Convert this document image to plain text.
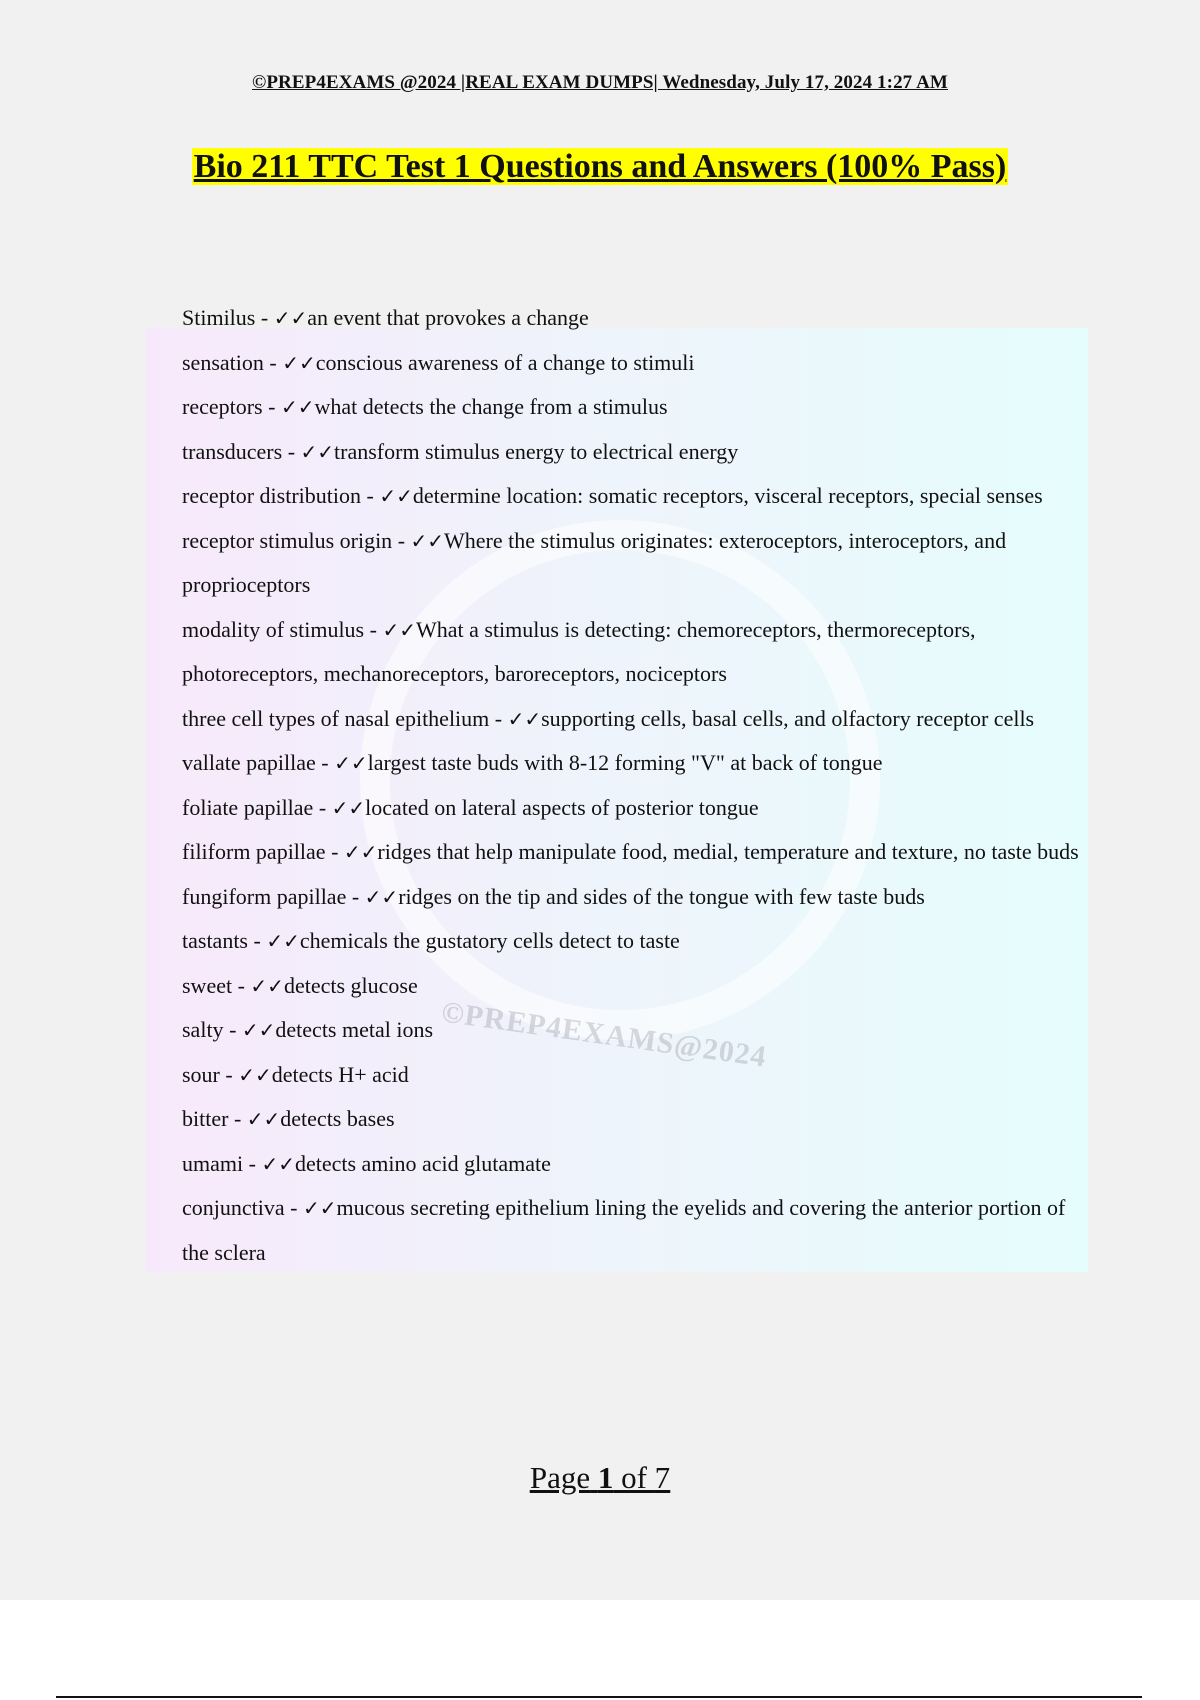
©PREP4EXAMS @2024 |REAL EXAM DUMPS| Wednesday, July 17, 2024 1:27 AM
Bio 211 TTC Test 1 Questions and Answers (100% Pass)
©PREP4EXAMS@2024

Stimilus - ✓✓an event that provokes a change

sensation - ✓✓conscious awareness of a change to stimuli

receptors - ✓✓what detects the change from a stimulus

transducers - ✓✓transform stimulus energy to electrical energy

receptor distribution - ✓✓determine location: somatic receptors, visceral receptors, special senses

receptor stimulus origin - ✓✓Where the stimulus originates: exteroceptors, interoceptors, and proprioceptors

modality of stimulus - ✓✓What a stimulus is detecting: chemoreceptors, thermoreceptors, photoreceptors, mechanoreceptors, baroreceptors, nociceptors

three cell types of nasal epithelium - ✓✓supporting cells, basal cells, and olfactory receptor cells

vallate papillae - ✓✓largest taste buds with 8-12 forming "V" at back of tongue

foliate papillae - ✓✓located on lateral aspects of posterior tongue

filiform papillae - ✓✓ridges that help manipulate food, medial, temperature and texture, no taste buds

fungiform papillae - ✓✓ridges on the tip and sides of the tongue with few taste buds

tastants - ✓✓chemicals the gustatory cells detect to taste

sweet - ✓✓detects glucose

salty - ✓✓detects metal ions

sour - ✓✓detects H+ acid

bitter - ✓✓detects bases

umami - ✓✓detects amino acid glutamate

conjunctiva - ✓✓mucous secreting epithelium lining the eyelids and covering the anterior portion of the sclera

Page 1 of 7
